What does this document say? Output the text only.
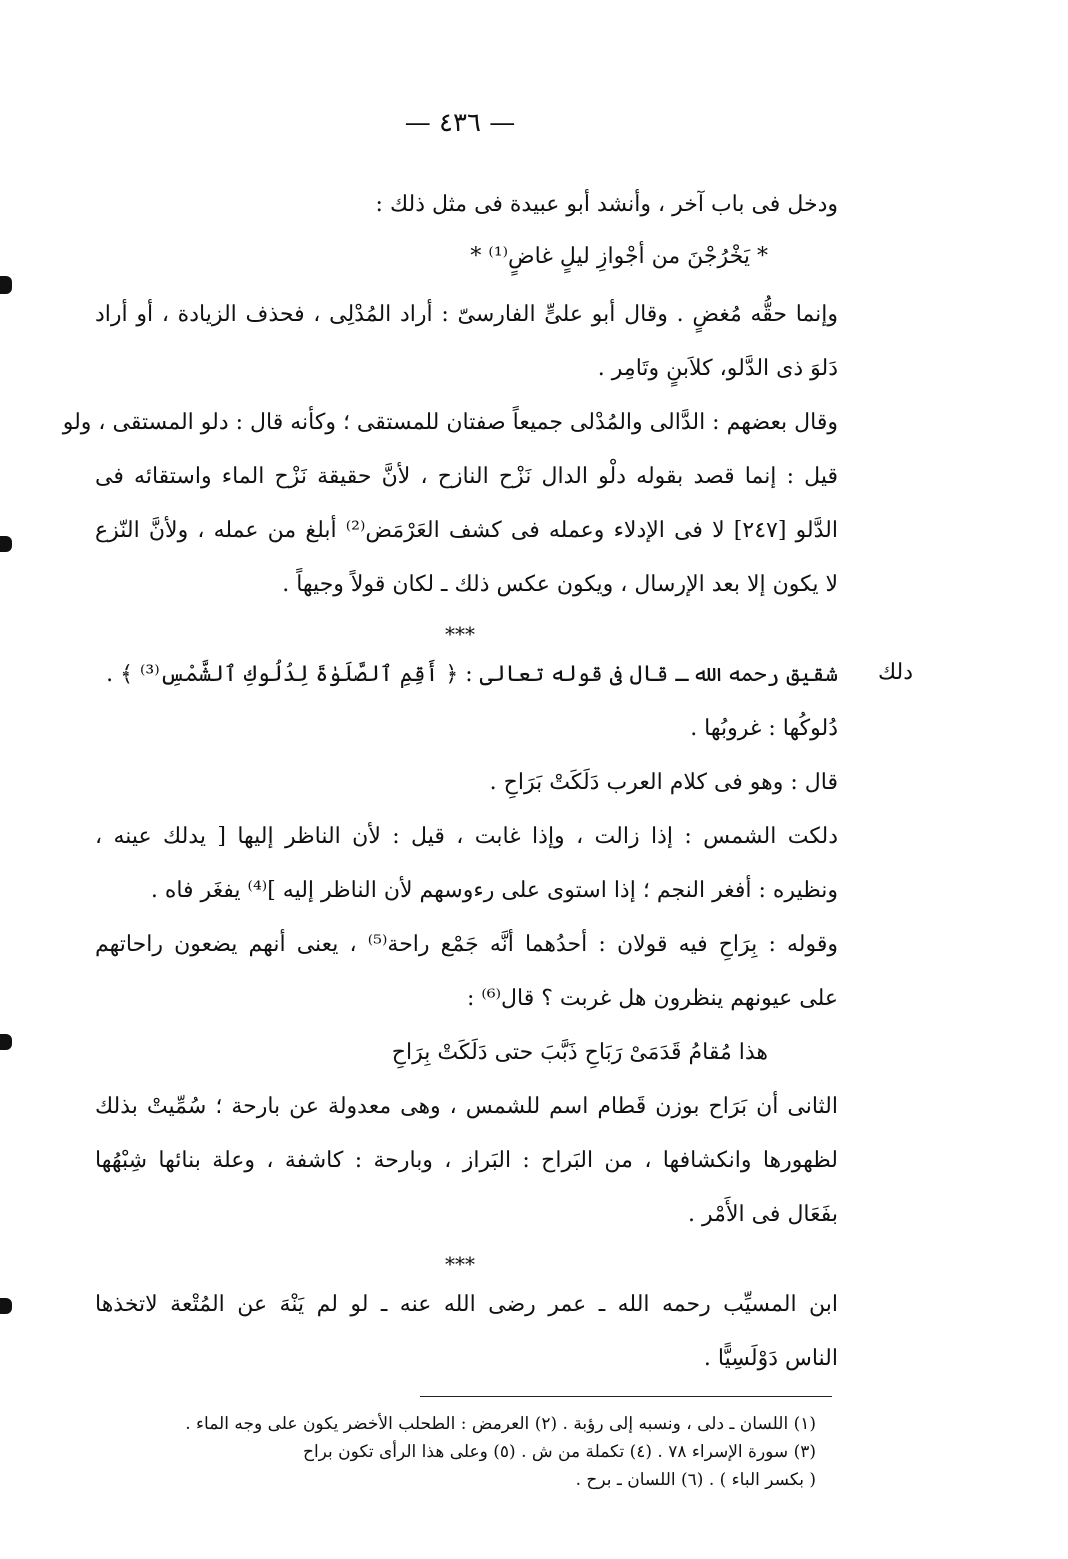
— ٤٣٦ —
ودخل فى باب آخر ، وأنشد أبو عبيدة فى مثل ذلك :
* يَخْرُجْنَ من أجْوازِ ليلٍ غاضٍ⁽¹⁾ *
وإنما حقُّه مُغضٍ . وقال أبو علىٍّ الفارسىّ : أراد المُدْلِى ، فحذف الزيادة ، أو أراد
دَلوَ ذى الدَّلو، كلاَبنٍ وتَامِر .
وقال بعضهم : الدَّالى والمُدْلى جميعاً صفتان للمستقى ؛ وكأنه قال : دلو المستقى ، ولو
قيل : إنما قصد بقوله دلْو الدال نَزْح النازح ، لأنَّ حقيقة نَزْح الماء واستقائه فى
الدَّلو [٢٤٧] لا فى الإدلاء وعمله فى كشف العَرْمَض⁽²⁾ أبلغ من عمله ، ولأنَّ النّزع
لا يكون إلا بعد الإرسال ، ويكون عكس ذلك ـ لكان قولاً وجيهاً .
***
دلك
شقيق رحمه الله ـ قال فى قوله تعالى : ﴿ أَقِمِ ٱلصَّلَوٰةَ لِدُلُوكِ ٱلشَّمْسِ⁽³⁾ ﴾ .
دُلوكُها : غروبُها .
قال : وهو فى كلام العرب دَلَكَتْ بَرَاحِ .
دلكت الشمس : إذا زالت ، وإذا غابت ، قيل : لأن الناظر إليها [ يدلك عينه ،
ونظيره : أفغر النجم ؛ إذا استوى على رءوسهم لأن الناظر إليه ]⁽⁴⁾ يفغَر فاه .
وقوله : بِرَاحِ فيه قولان : أحدُهما أنَّه جَمْع راحة⁽⁵⁾ ، يعنى أنهم يضعون راحاتهم
على عيونهم ينظرون هل غربت ؟ قال⁽⁶⁾ :
هذا مُقامُ قَدَمَىْ رَبَاحِ ذَبَّبَ حتى دَلَكَتْ بِرَاحِ
الثانى أن بَرَاح بوزن قَطام اسم للشمس ، وهى معدولة عن بارحة ؛ سُمِّيتْ بذلك
لظهورها وانكشافها ، من البَراح : البَراز ، وبارحة : كاشفة ، وعلة بنائها شِبْهُها
بفَعَال فى الأَمْر .
***
ابن المسيِّب رحمه الله ـ عمر رضى الله عنه ـ لو لم يَنْهَ عن المُتْعة لاتخذها
الناس دَوْلَسِيًّا .
(١) اللسان ـ دلى ، ونسبه إلى رؤبة . (٢) العرمض : الطحلب الأخضر يكون على وجه الماء .
(٣) سورة الإسراء ٧٨ . (٤) تكملة من ش . (٥) وعلى هذا الرأى تكون براح
( بكسر الباء ) . (٦) اللسان ـ برح .
